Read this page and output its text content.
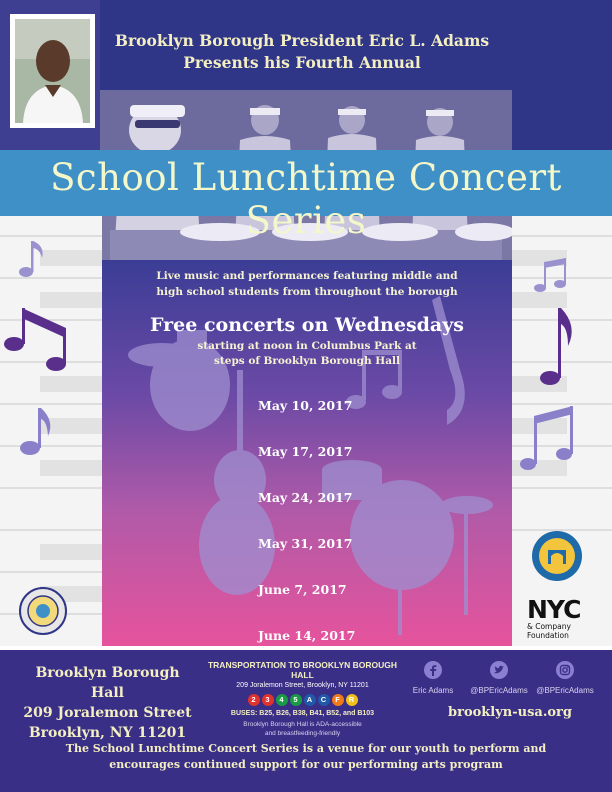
Brooklyn Borough President Eric L. Adams
Presents his Fourth Annual
School Lunchtime Concert Series
Live music and performances featuring middle and
high school students from throughout the borough
Free concerts on Wednesdays
starting at noon in Columbus Park at
steps of Brooklyn Borough Hall
May 10, 2017
May 17, 2017
May 24, 2017
May 31, 2017
June 7, 2017
June 14, 2017
NYC
& Company
Foundation
Brooklyn Borough Hall
209 Joralemon Street
Brooklyn, NY 11201
TRANSPORTATION TO BROOKLYN BOROUGH HALL
209 Joralemon Street, Brooklyn, NY 11201
2	3	4	5	A	C	F	R
BUSES: B25, B26, B38, B41, B52, and B103
Brooklyn Borough Hall is ADA-accessible
and breastfeeding-friendly
Eric Adams	@BPEricAdams	@BPEricAdams
brooklyn-usa.org
The School Lunchtime Concert Series is a venue for our youth to perform and
encourages continued support for our performing arts program
